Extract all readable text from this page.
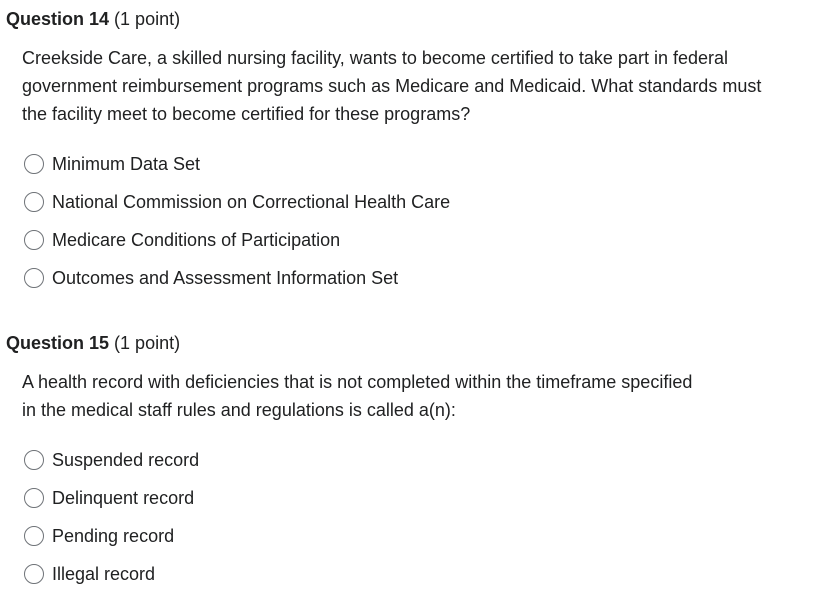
Question 14 (1 point)
Creekside Care, a skilled nursing facility, wants to become certified to take part in federal government reimbursement programs such as Medicare and Medicaid. What standards must the facility meet to become certified for these programs?
Minimum Data Set
National Commission on Correctional Health Care
Medicare Conditions of Participation
Outcomes and Assessment Information Set
Question 15 (1 point)
A health record with deficiencies that is not completed within the timeframe specified in the medical staff rules and regulations is called a(n):
Suspended record
Delinquent record
Pending record
Illegal record
